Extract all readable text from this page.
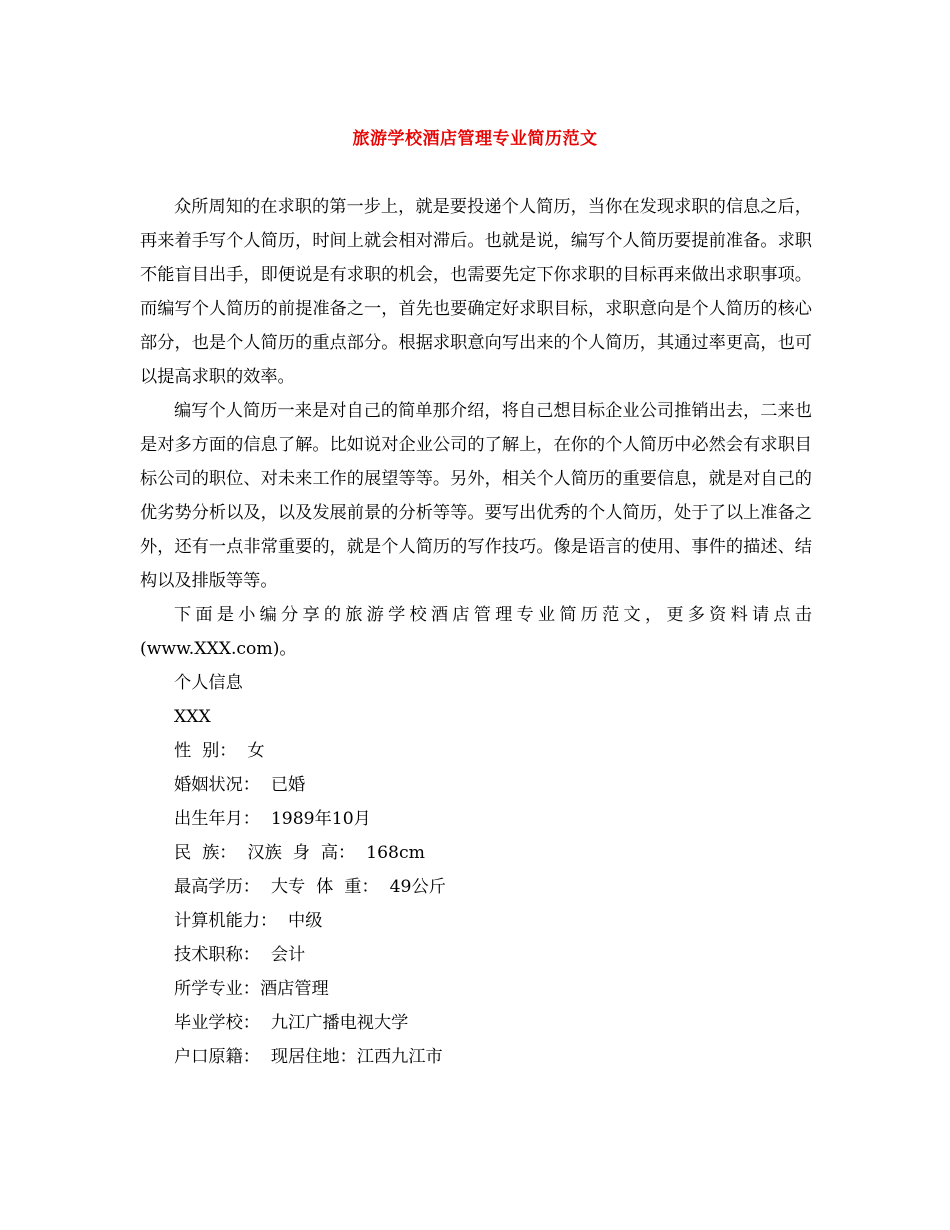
旅游学校酒店管理专业简历范文

众所周知的在求职的第一步上，就是要投递个人简历，当你在发现求职的信息之后，再来着手写个人简历，时间上就会相对滞后。也就是说，编写个人简历要提前准备。求职不能盲目出手，即便说是有求职的机会，也需要先定下你求职的目标再来做出求职事项。而编写个人简历的前提准备之一，首先也要确定好求职目标，求职意向是个人简历的核心部分，也是个人简历的重点部分。根据求职意向写出来的个人简历，其通过率更高，也可以提高求职的效率。

编写个人简历一来是对自己的简单那介绍，将自己想目标企业公司推销出去，二来也是对多方面的信息了解。比如说对企业公司的了解上，在你的个人简历中必然会有求职目标公司的职位、对未来工作的展望等等。另外，相关个人简历的重要信息，就是对自己的优劣势分析以及，以及发展前景的分析等等。要写出优秀的个人简历，处于了以上准备之外，还有一点非常重要的，就是个人简历的写作技巧。像是语言的使用、事件的描述、结构以及排版等等。

下面是小编分享的旅游学校酒店管理专业简历范文，更多资料请点击(www.XXX.com)。

个人信息

XXX

性  别：  女

婚姻状况：  已婚

出生年月：  1989年10月

民  族：  汉族  身  高：  168cm

最高学历：  大专  体  重：  49公斤

计算机能力：  中级

技术职称：  会计

所学专业：酒店管理

毕业学校：  九江广播电视大学

户口原籍：  现居住地：江西九江市
